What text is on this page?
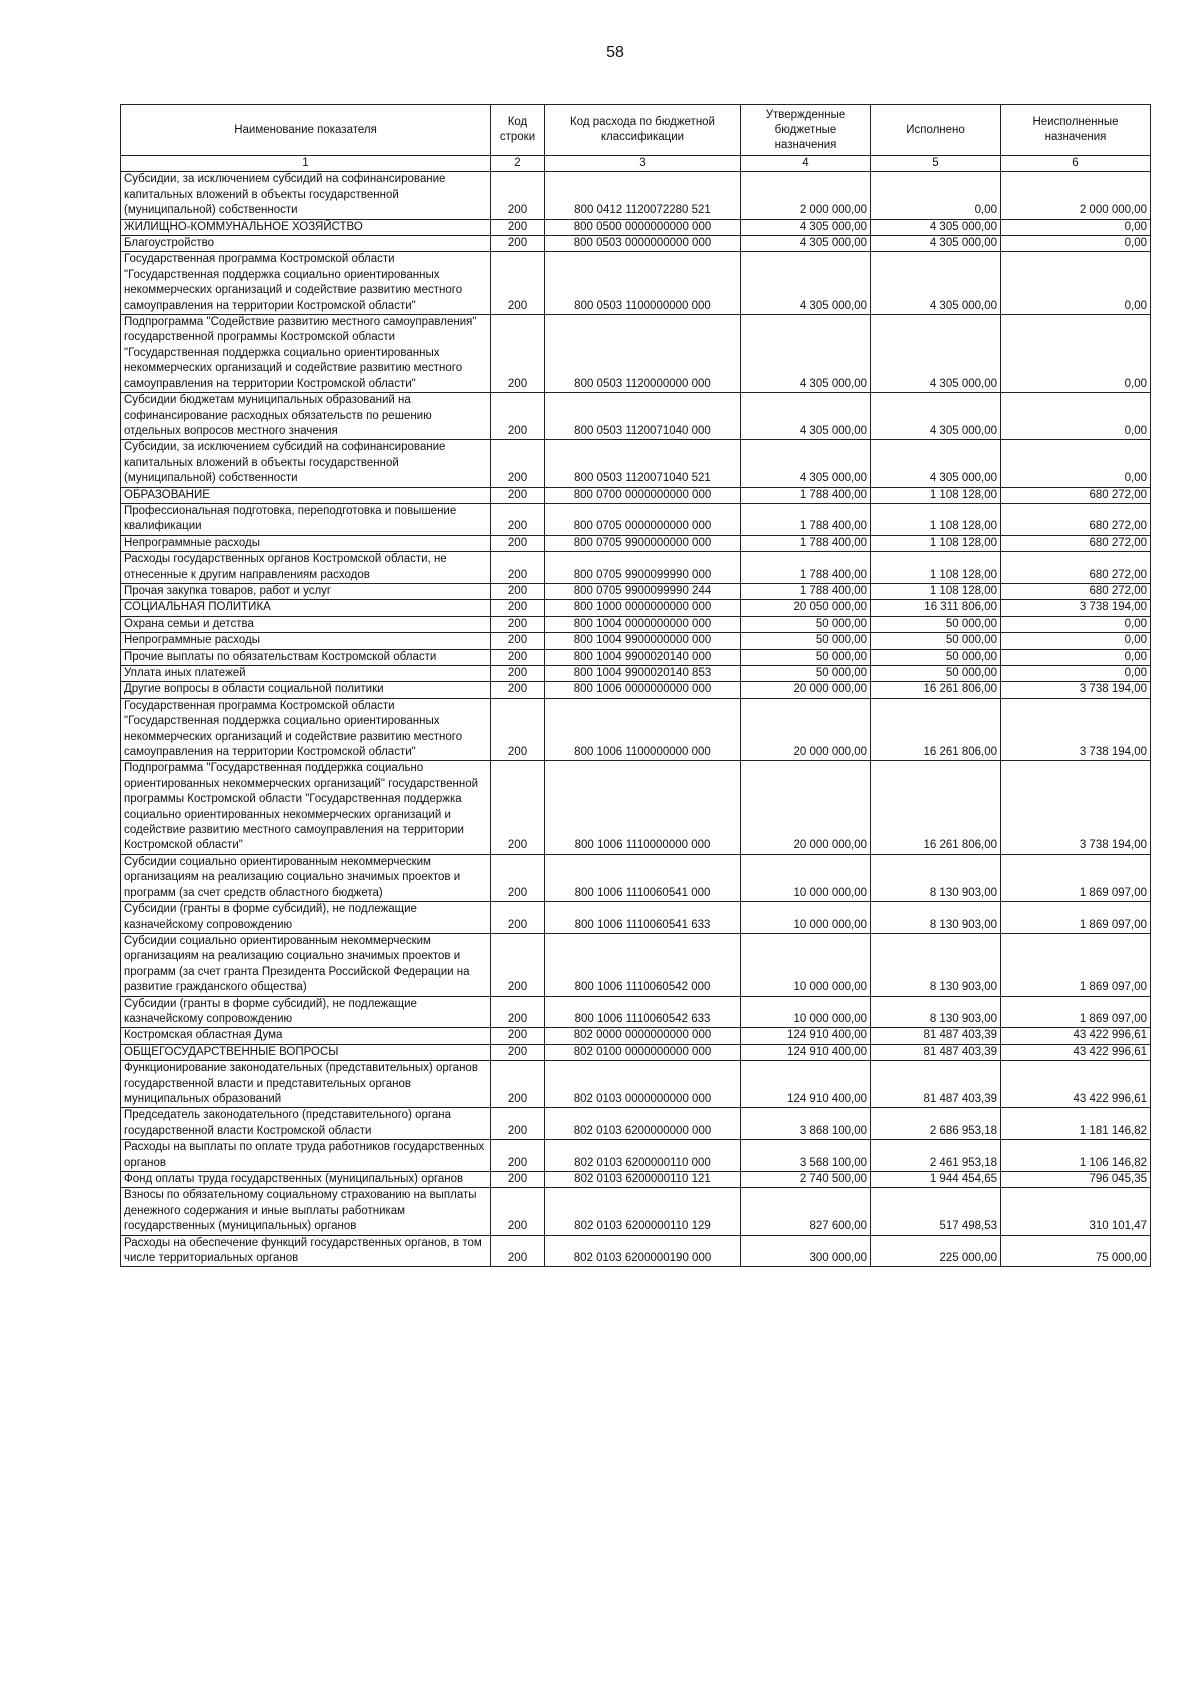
58
Наименование показателя	Код строки	Код расхода по бюджетной классификации	Утвержденные бюджетные назначения	Исполнено	Неисполненные назначения
1	2	3	4	5	6
Субсидии, за исключением субсидий на софинансирование капитальных вложений в объекты государственной (муниципальной) собственности	200	800 0412 1120072280 521	2 000 000,00	0,00	2 000 000,00
ЖИЛИЩНО-КОММУНАЛЬНОЕ ХОЗЯЙСТВО	200	800 0500 0000000000 000	4 305 000,00	4 305 000,00	0,00
Благоустройство	200	800 0503 0000000000 000	4 305 000,00	4 305 000,00	0,00
Государственная программа Костромской области "Государственная поддержка социально ориентированных некоммерческих организаций и содействие развитию местного самоуправления на территории Костромской области"	200	800 0503 1100000000 000	4 305 000,00	4 305 000,00	0,00
Подпрограмма "Содействие развитию местного самоуправления" государственной программы Костромской области "Государственная поддержка социально ориентированных некоммерческих организаций и содействие развитию местного самоуправления на территории Костромской области"	200	800 0503 1120000000 000	4 305 000,00	4 305 000,00	0,00
Субсидии бюджетам муниципальных образований на софинансирование расходных обязательств по решению отдельных вопросов местного значения	200	800 0503 1120071040 000	4 305 000,00	4 305 000,00	0,00
Субсидии, за исключением субсидий на софинансирование капитальных вложений в объекты государственной (муниципальной) собственности	200	800 0503 1120071040 521	4 305 000,00	4 305 000,00	0,00
ОБРАЗОВАНИЕ	200	800 0700 0000000000 000	1 788 400,00	1 108 128,00	680 272,00
Профессиональная подготовка, переподготовка и повышение квалификации	200	800 0705 0000000000 000	1 788 400,00	1 108 128,00	680 272,00
Непрограммные расходы	200	800 0705 9900000000 000	1 788 400,00	1 108 128,00	680 272,00
Расходы государственных органов Костромской области, не отнесенные к другим направлениям расходов	200	800 0705 9900099990 000	1 788 400,00	1 108 128,00	680 272,00
Прочая закупка товаров, работ и услуг	200	800 0705 9900099990 244	1 788 400,00	1 108 128,00	680 272,00
СОЦИАЛЬНАЯ ПОЛИТИКА	200	800 1000 0000000000 000	20 050 000,00	16 311 806,00	3 738 194,00
Охрана семьи и детства	200	800 1004 0000000000 000	50 000,00	50 000,00	0,00
Непрограммные расходы	200	800 1004 9900000000 000	50 000,00	50 000,00	0,00
Прочие выплаты по обязательствам Костромской области	200	800 1004 9900020140 000	50 000,00	50 000,00	0,00
Уплата иных платежей	200	800 1004 9900020140 853	50 000,00	50 000,00	0,00
Другие вопросы в области социальной политики	200	800 1006 0000000000 000	20 000 000,00	16 261 806,00	3 738 194,00
Государственная программа Костромской области "Государственная поддержка социально ориентированных некоммерческих организаций и содействие развитию местного самоуправления на территории Костромской области"	200	800 1006 1100000000 000	20 000 000,00	16 261 806,00	3 738 194,00
Подпрограмма "Государственная поддержка социально ориентированных некоммерческих организаций" государственной программы Костромской области "Государственная поддержка социально ориентированных некоммерческих организаций и содействие развитию местного самоуправления на территории Костромской области"	200	800 1006 1110000000 000	20 000 000,00	16 261 806,00	3 738 194,00
Субсидии социально ориентированным некоммерческим организациям на реализацию социально значимых проектов и программ (за счет средств областного бюджета)	200	800 1006 1110060541 000	10 000 000,00	8 130 903,00	1 869 097,00
Субсидии (гранты в форме субсидий), не подлежащие казначейскому сопровождению	200	800 1006 1110060541 633	10 000 000,00	8 130 903,00	1 869 097,00
Субсидии социально ориентированным некоммерческим организациям на реализацию социально значимых проектов и программ (за счет гранта Президента Российской Федерации на развитие гражданского общества)	200	800 1006 1110060542 000	10 000 000,00	8 130 903,00	1 869 097,00
Субсидии (гранты в форме субсидий), не подлежащие казначейскому сопровождению	200	800 1006 1110060542 633	10 000 000,00	8 130 903,00	1 869 097,00
Костромская областная Дума	200	802 0000 0000000000 000	124 910 400,00	81 487 403,39	43 422 996,61
ОБЩЕГОСУДАРСТВЕННЫЕ ВОПРОСЫ	200	802 0100 0000000000 000	124 910 400,00	81 487 403,39	43 422 996,61
Функционирование законодательных (представительных) органов государственной власти и представительных органов муниципальных образований	200	802 0103 0000000000 000	124 910 400,00	81 487 403,39	43 422 996,61
Председатель законодательного (представительного) органа государственной власти Костромской области	200	802 0103 6200000000 000	3 868 100,00	2 686 953,18	1 181 146,82
Расходы на выплаты по оплате труда работников государственных органов	200	802 0103 6200000110 000	3 568 100,00	2 461 953,18	1 106 146,82
Фонд оплаты труда государственных (муниципальных) органов	200	802 0103 6200000110 121	2 740 500,00	1 944 454,65	796 045,35
Взносы по обязательному социальному страхованию на выплаты денежного содержания и иные выплаты работникам государственных (муниципальных) органов	200	802 0103 6200000110 129	827 600,00	517 498,53	310 101,47
Расходы на обеспечение функций государственных органов, в том числе территориальных органов	200	802 0103 6200000190 000	300 000,00	225 000,00	75 000,00
